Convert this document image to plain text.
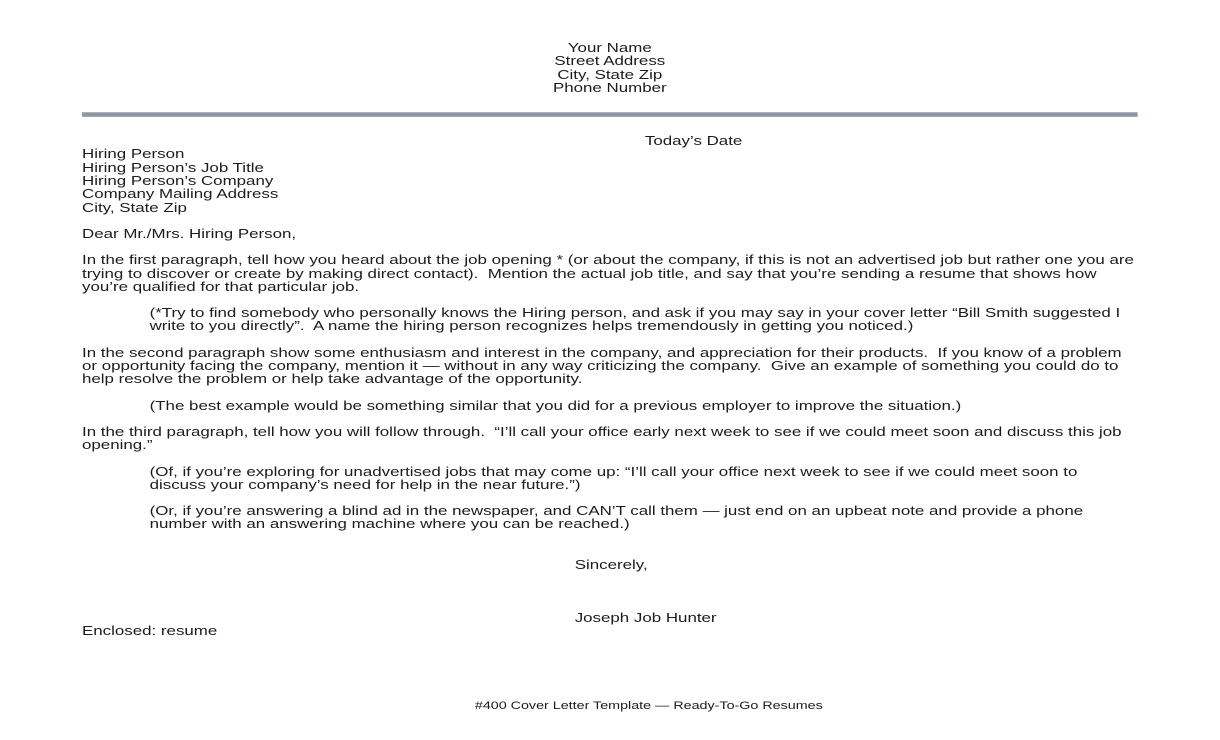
Your Name
Street Address
City, State Zip
Phone Number
Today’s Date
Hiring Person
Hiring Person’s Job Title
Hiring Person’s Company
Company Mailing Address
City, State Zip

Dear Mr./Mrs. Hiring Person,

In the first paragraph, tell how you heard about the job opening * (or about the company, if this is not an advertised job but rather one you are trying to discover or create by making direct contact).  Mention the actual job title, and say that you’re sending a resume that shows how you’re qualified for that particular job.

(*Try to find somebody who personally knows the Hiring person, and ask if you may say in your cover letter “Bill Smith suggested I write to you directly”.  A name the hiring person recognizes helps tremendously in getting you noticed.)

In the second paragraph show some enthusiasm and interest in the company, and appreciation for their products.  If you know of a problem or opportunity facing the company, mention it — without in any way criticizing the company.  Give an example of something you could do to help resolve the problem or help take advantage of the opportunity.

(The best example would be something similar that you did for a previous employer to improve the situation.)

In the third paragraph, tell how you will follow through.  “I’ll call your office early next week to see if we could meet soon and discuss this job opening.”

(Of, if you’re exploring for unadvertised jobs that may come up: “I’ll call your office next week to see if we could meet soon to discuss your company’s need for help in the near future.”)

(Or, if you’re answering a blind ad in the newspaper, and CAN’T call them — just end on an upbeat note and provide a phone number with an answering machine where you can be reached.)

Sincerely,

Joseph Job Hunter

Enclosed: resume

#400 Cover Letter Template — Ready-To-Go Resumes
